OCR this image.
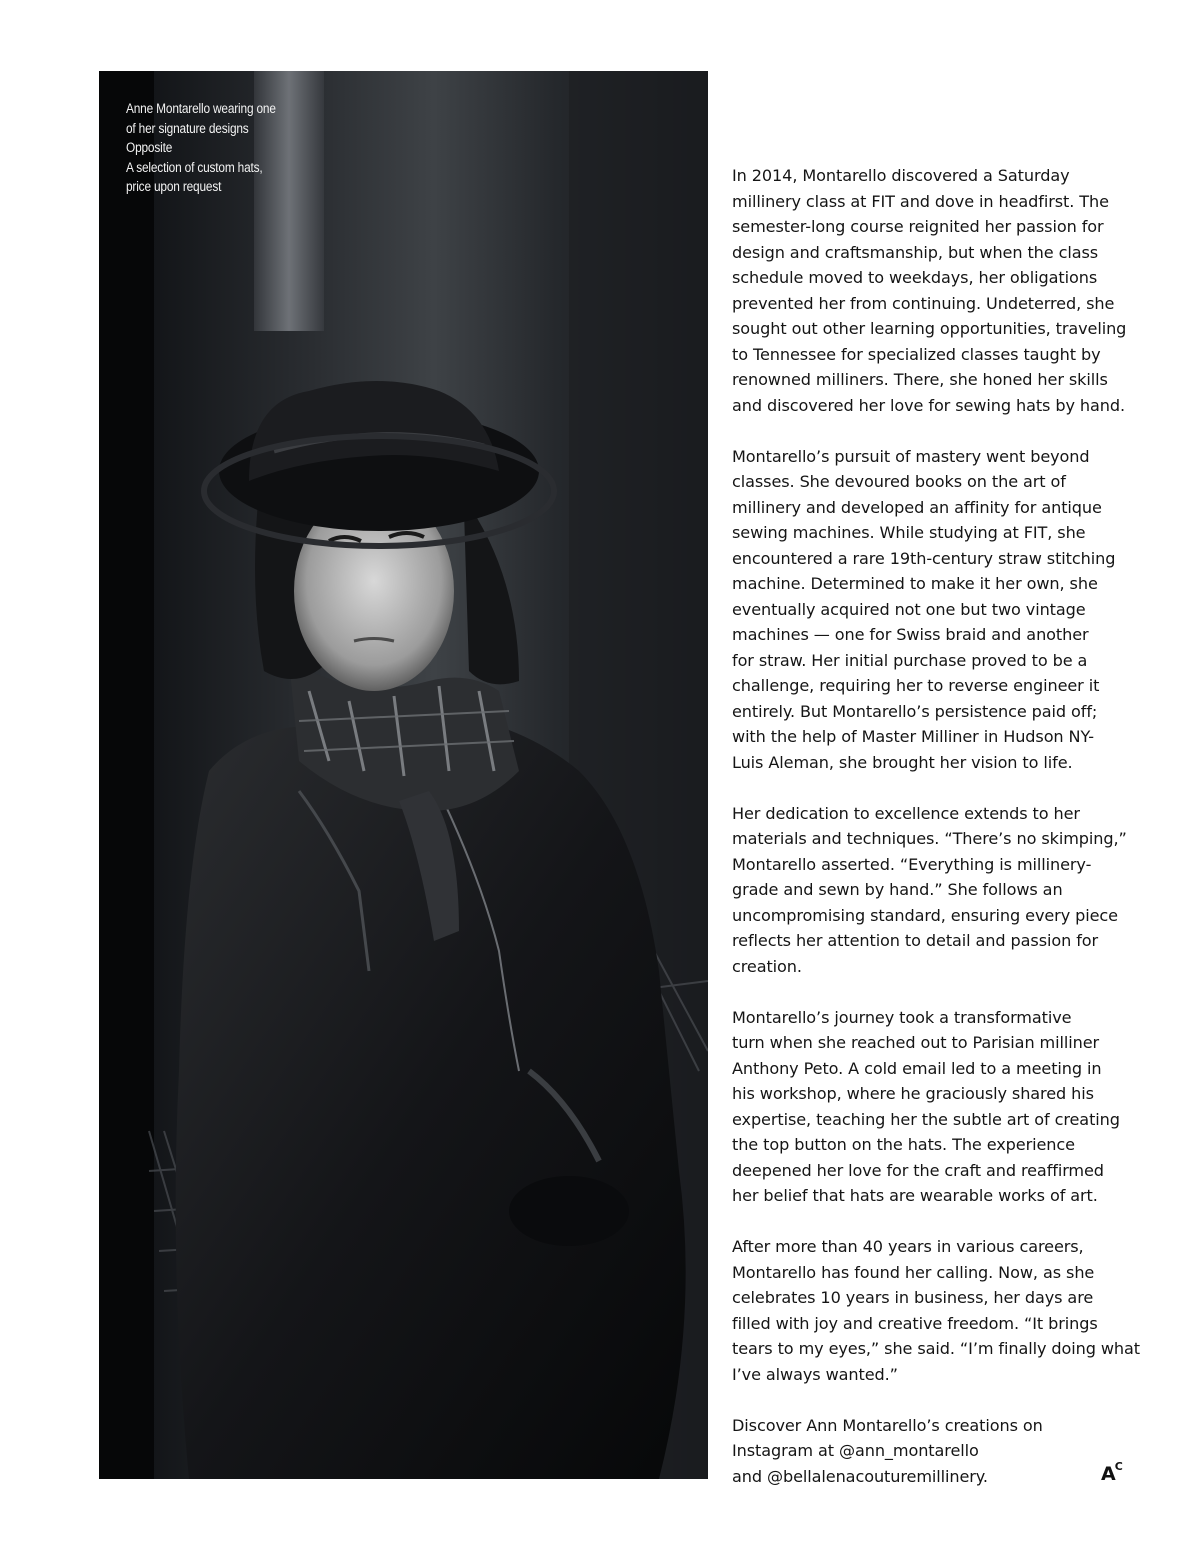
Anne Montarello wearing one
of her signature designs
Opposite
A selection of custom hats,
price upon request

In 2014, Montarello discovered a Saturday
millinery class at FIT and dove in headfirst. The
semester-long course reignited her passion for
design and craftsmanship, but when the class
schedule moved to weekdays, her obligations
prevented her from continuing. Undeterred, she
sought out other learning opportunities, traveling
to Tennessee for specialized classes taught by
renowned milliners. There, she honed her skills
and discovered her love for sewing hats by hand.

Montarello’s pursuit of mastery went beyond
classes. She devoured books on the art of
millinery and developed an affinity for antique
sewing machines. While studying at FIT, she
encountered a rare 19th-century straw stitching
machine. Determined to make it her own, she
eventually acquired not one but two vintage
machines — one for Swiss braid and another
for straw. Her initial purchase proved to be a
challenge, requiring her to reverse engineer it
entirely. But Montarello’s persistence paid off;
with the help of Master Milliner in Hudson NY-
Luis Aleman, she brought her vision to life.

Her dedication to excellence extends to her
materials and techniques. “There’s no skimping,”
Montarello asserted. “Everything is millinery-
grade and sewn by hand.” She follows an
uncompromising standard, ensuring every piece
reflects her attention to detail and passion for
creation.

Montarello’s journey took a transformative
turn when she reached out to Parisian milliner
Anthony Peto. A cold email led to a meeting in
his workshop, where he graciously shared his
expertise, teaching her the subtle art of creating
the top button on the hats. The experience
deepened her love for the craft and reaffirmed
her belief that hats are wearable works of art.

After more than 40 years in various careers,
Montarello has found her calling. Now, as she
celebrates 10 years in business, her days are
filled with joy and creative freedom. “It brings
tears to my eyes,” she said. “I’m finally doing what
I’ve always wanted.”

Discover Ann Montarello’s creations on
Instagram at @ann_montarello
and @bellalenacouturemillinery.	$A^C$
